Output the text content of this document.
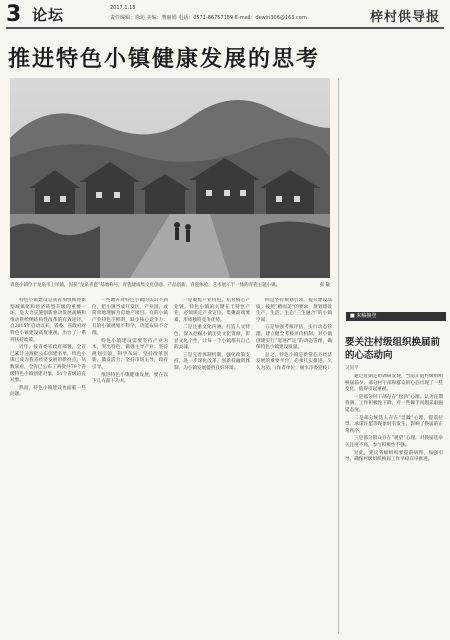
3 论坛	2017.1.18
责任编辑：徐坊 美编：曹丽娟 电话：0571-86757189 E-mail：dewin306@163.com	梓村供导报
推进特色小镇健康发展的思考
青瓷小镇位于龙泉市上垟镇，因获“龙泉青瓷”基地称号，青瓷建成集文化创意、产品创新、青瓷体验、艺术展示于一体的青瓷主题小镇。	张 敏

特色小镇建设是我省加快推进新型城镇化和经济转型升级的重要一环，是大力实施创新驱动发展战略和推动供给侧结构性改革的有效途径。自2015年启动以来，省委、省政府对特色小镇建设高度重视，出台了一系列扶持政策。

近年，按省委省政府部署，全省已累计分两批公布创建名单，特色小镇已成为我省经济发展的新亮点。从数量看，全省已公布了两批共79个省级特色小镇创建对象，51个省级培育对象。

然而，特色小镇建设也面临一些问题。

一些地方对特色小镇的认识不到位，把小镇当成开发区、产业园，或简单地理解为房地产项目。有的小镇产业特色不鲜明，缺少核心竞争力；有的小镇规划不科学，功能布局不合理。

特色小镇建设需要坚持产业为本，突出特色，做强主导产业；坚持规划引领，科学布局；坚持改革创新，激发活力；坚持市场主导，政府引导。

推进特色小镇健康发展，要在以下几方面下功夫。

一是聚焦产业特色，培育核心产业链。特色小镇的关键在于特色产业，必须锁定产业定位，集聚高端要素，形成独特竞争优势。

二是注重文化内涵，打造人文特色。深入挖掘小镇历史文化资源，彰显文化个性，让每一个小镇都有自己的灵魂。

三是完善体制机制，强化政策支持。进一步深化改革，创新投融资体制，为小镇发展提供良好环境。

四是坚持规划引领，提升建设品质。按照“精而美”的要求，规划建设生产、生活、生态“三生融合”的小镇空间。

五是加强考核评估，实行动态管理。建立健全考核评价机制，对小镇创建实行“宽进严定”的动态管理，确保特色小镇建设质量。

总之，特色小镇是新常态下经济发展的重要平台，必须扎实推进，久久为功。（作者单位：丽水市委党校）

■ 来稿摘登
要关注村级组织换届前的心态动向
吴国平

通过近期走访调研发现，当前正值村级组织换届前夕，部分村干部和群众的心态出现了一些变化，值得引起重视。

一是部分村干部存在“松劲”心理。认为任期将满，工作积极性下降，对一些棘手问题采取拖延态度。

二是部分候选人存在“急躁”心理。提前拉票、承诺许愿等现象时有发生，影响了换届的正常秩序。

三是部分群众存在“观望”心理。对换届选举关注度不高，参与积极性不强。

对此，建议各级组织要提前研判，加强引导，确保村级组织换届工作平稳有序推进。
